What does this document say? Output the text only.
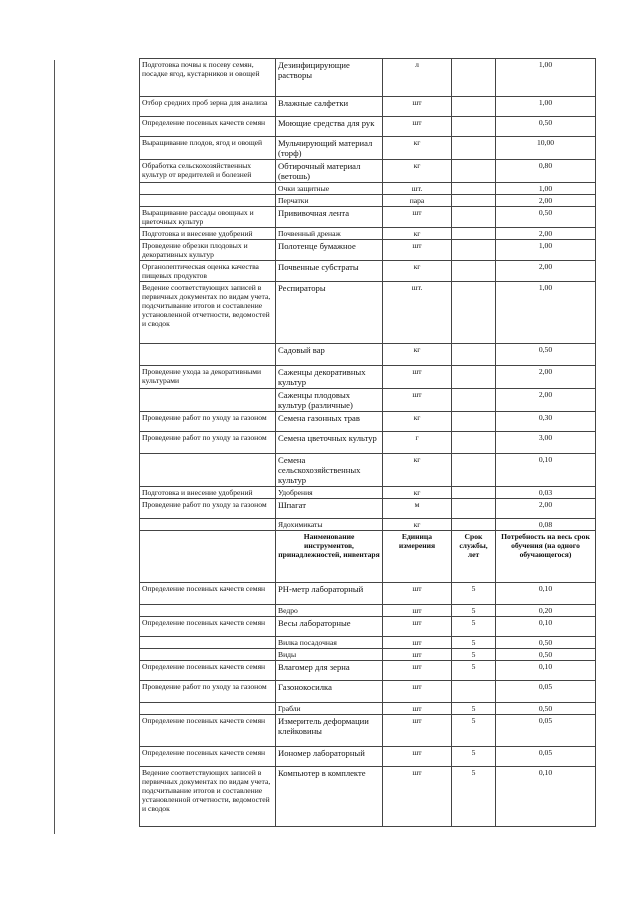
Подготовка почвы к посеву семян, посадке ягод, кустарников и овощей	Дезинфицирующие растворы	л		1,00
Отбор средних проб зерна для анализа	Влажные салфетки	шт		1,00
Определение посевных качеств семян	Моющие средства для рук	шт		0,50
Выращивание плодов, ягод и овощей	Мульчирующий материал (торф)	кг		10,00
Обработка сельскохозяйственных культур от вредителей и болезней	Обтирочный материал (ветошь)	кг		0,80
	Очки защитные	шт.		1,00
	Перчатки	пара		2,00
Выращивание рассады овощных и цветочных культур	Прививочная лента	шт		0,50
Подготовка и внесение удобрений	Почвенный дренаж	кг		2,00
Проведение обрезки плодовых и декоративных культур	Полотенце бумажное	шт		1,00
Органолептическая оценка качества пищевых продуктов	Почвенные субстраты	кг		2,00
Ведение соответствующих записей в первичных документах по видам учета, подсчитывание итогов и составление установленной отчетности, ведомостей и сводок	Респираторы	шт.		1,00
	Садовый вар	кг		0,50
Проведение ухода за декоративными культурами	Саженцы декоративных культур	шт		2,00
	Саженцы плодовых культур (различные)	шт		2,00
Проведение работ по уходу за газоном	Семена газонных трав	кг		0,30
Проведение работ по уходу за газоном	Семена цветочных культур	г		3,00
	Семена сельскохозяйственных культур	кг		0,10
Подготовка и внесение удобрений	Удобрения	кг		0,03
Проведение работ по уходу за газоном	Шпагат	м		2,00
	Ядохимикаты	кг		0,08
	Наименование инструментов, принадлежностей, инвентаря	Единица измерения	Срок службы, лет	Потребность на весь срок обучения (на одного обучающегося)
Определение посевных качеств семян	PH-метр лабораторный	шт	5	0,10
	Ведро	шт	5	0,20
Определение посевных качеств семян	Весы лабораторные	шт	5	0,10
	Вилка посадочная	шт	5	0,50
	Виды	шт	5	0,50
Определение посевных качеств семян	Влагомер для зерна	шт	5	0,10
Проведение работ по уходу за газоном	Газонокосилка	шт		0,05
	Грабли	шт	5	0,50
Определение посевных качеств семян	Измеритель деформации клейковины	шт	5	0,05
Определение посевных качеств семян	Иономер лабораторный	шт	5	0,05
Ведение соответствующих записей в первичных документах по видам учета, подсчитывание итогов и составление установленной отчетности, ведомостей и сводок	Компьютер в комплекте	шт	5	0,10
